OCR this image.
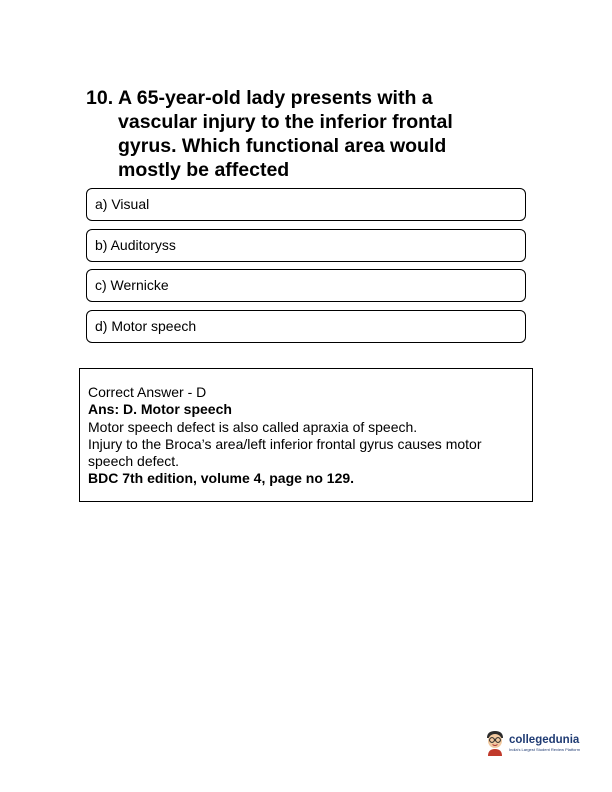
10. A 65-year-old lady presents with a vascular injury to the inferior frontal gyrus. Which functional area would mostly be affected
a) Visual
b) Auditoryss
c) Wernicke
d) Motor speech
Correct Answer - D
Ans: D. Motor speech
Motor speech defect is also called apraxia of speech.
Injury to the Broca’s area/left inferior frontal gyrus causes motor speech defect.
BDC 7th edition, volume 4, page no 129.
collegedunia
India's Largest Student Review Platform
